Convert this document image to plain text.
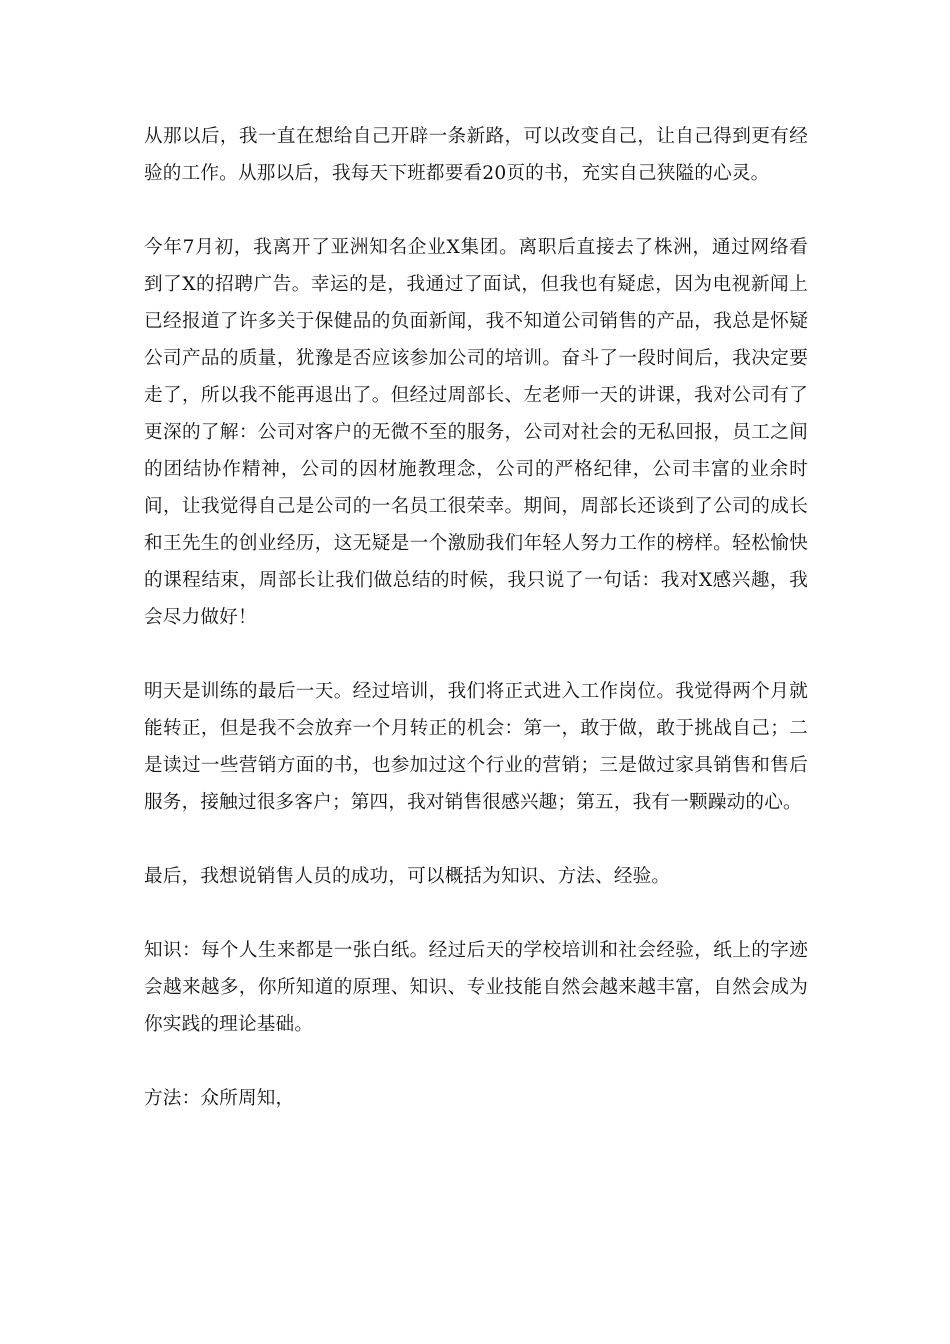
从那以后，我一直在想给自己开辟一条新路，可以改变自己，让自己得到更有经验的工作。从那以后，我每天下班都要看20页的书，充实自己狭隘的心灵。

今年7月初，我离开了亚洲知名企业X集团。离职后直接去了株洲，通过网络看到了X的招聘广告。幸运的是，我通过了面试，但我也有疑虑，因为电视新闻上已经报道了许多关于保健品的负面新闻，我不知道公司销售的产品，我总是怀疑公司产品的质量，犹豫是否应该参加公司的培训。奋斗了一段时间后，我决定要走了，所以我不能再退出了。但经过周部长、左老师一天的讲课，我对公司有了更深的了解：公司对客户的无微不至的服务，公司对社会的无私回报，员工之间的团结协作精神，公司的因材施教理念，公司的严格纪律，公司丰富的业余时间，让我觉得自己是公司的一名员工很荣幸。期间，周部长还谈到了公司的成长和王先生的创业经历，这无疑是一个激励我们年轻人努力工作的榜样。轻松愉快的课程结束，周部长让我们做总结的时候，我只说了一句话：我对X感兴趣，我会尽力做好！

明天是训练的最后一天。经过培训，我们将正式进入工作岗位。我觉得两个月就能转正，但是我不会放弃一个月转正的机会：第一，敢于做，敢于挑战自己；二是读过一些营销方面的书，也参加过这个行业的营销；三是做过家具销售和售后服务，接触过很多客户；第四，我对销售很感兴趣；第五，我有一颗躁动的心。

最后，我想说销售人员的成功，可以概括为知识、方法、经验。

知识：每个人生来都是一张白纸。经过后天的学校培训和社会经验，纸上的字迹会越来越多，你所知道的原理、知识、专业技能自然会越来越丰富，自然会成为你实践的理论基础。

方法：众所周知，
